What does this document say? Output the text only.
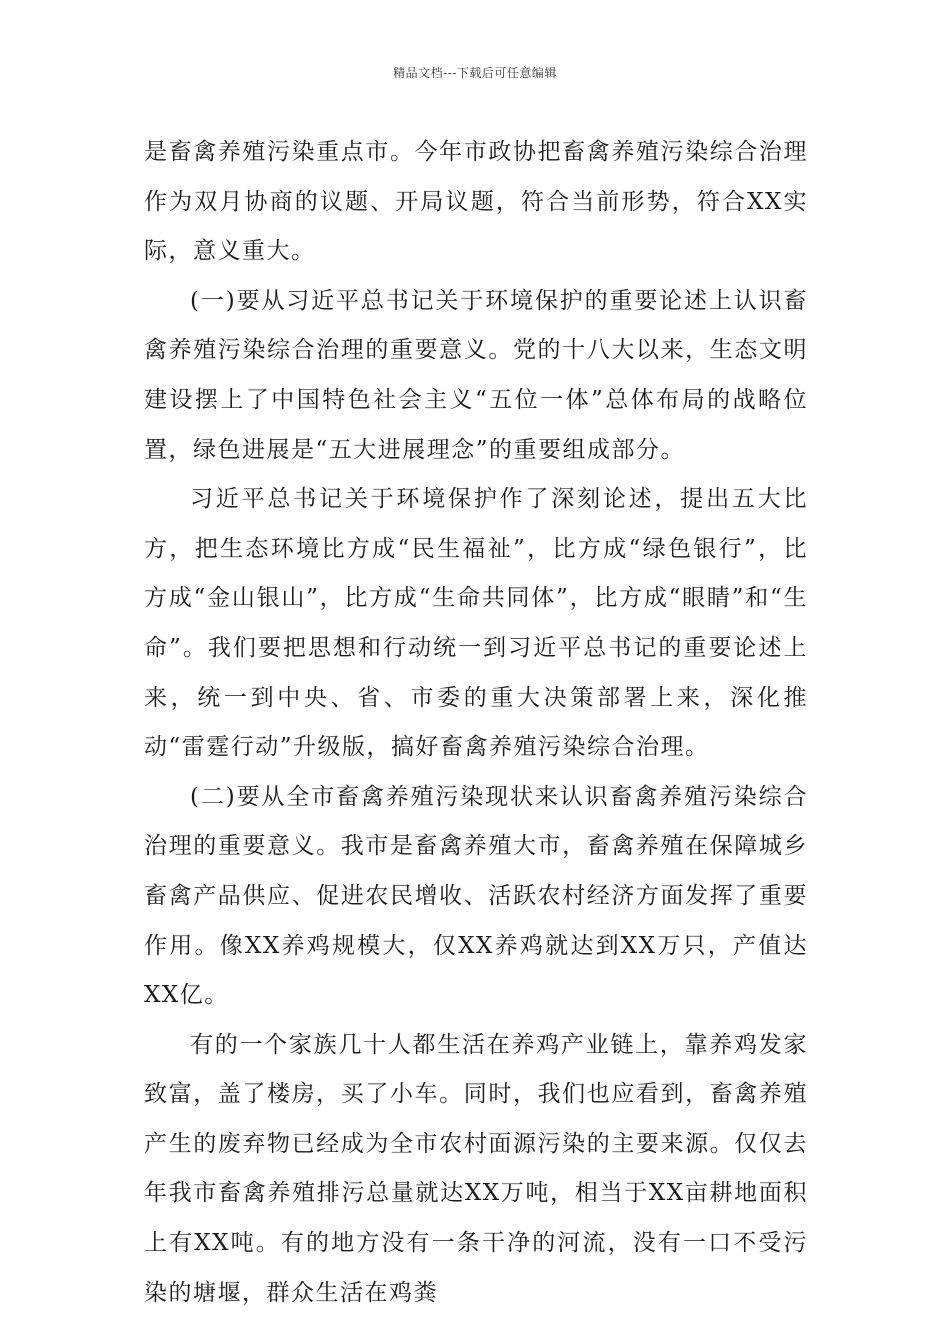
精品文档---下载后可任意编辑

是畜禽养殖污染重点市。今年市政协把畜禽养殖污染综合治理作为双月协商的议题、开局议题，符合当前形势，符合XX实际，意义重大。

(一)要从习近平总书记关于环境保护的重要论述上认识畜禽养殖污染综合治理的重要意义。党的十八大以来，生态文明建设摆上了中国特色社会主义“五位一体”总体布局的战略位置，绿色进展是“五大进展理念”的重要组成部分。

习近平总书记关于环境保护作了深刻论述，提出五大比方，把生态环境比方成“民生福祉”，比方成“绿色银行”，比方成“金山银山”，比方成“生命共同体”，比方成“眼睛”和“生命”。我们要把思想和行动统一到习近平总书记的重要论述上来，统一到中央、省、市委的重大决策部署上来，深化推动“雷霆行动”升级版，搞好畜禽养殖污染综合治理。

(二)要从全市畜禽养殖污染现状来认识畜禽养殖污染综合治理的重要意义。我市是畜禽养殖大市，畜禽养殖在保障城乡畜禽产品供应、促进农民增收、活跃农村经济方面发挥了重要作用。像XX养鸡规模大，仅XX养鸡就达到XX万只，产值达XX亿。

有的一个家族几十人都生活在养鸡产业链上，靠养鸡发家致富，盖了楼房，买了小车。同时，我们也应看到，畜禽养殖产生的废弃物已经成为全市农村面源污染的主要来源。仅仅去年我市畜禽养殖排污总量就达XX万吨，相当于XX亩耕地面积上有XX吨。有的地方没有一条干净的河流，没有一口不受污染的塘堰，群众生活在鸡粪
